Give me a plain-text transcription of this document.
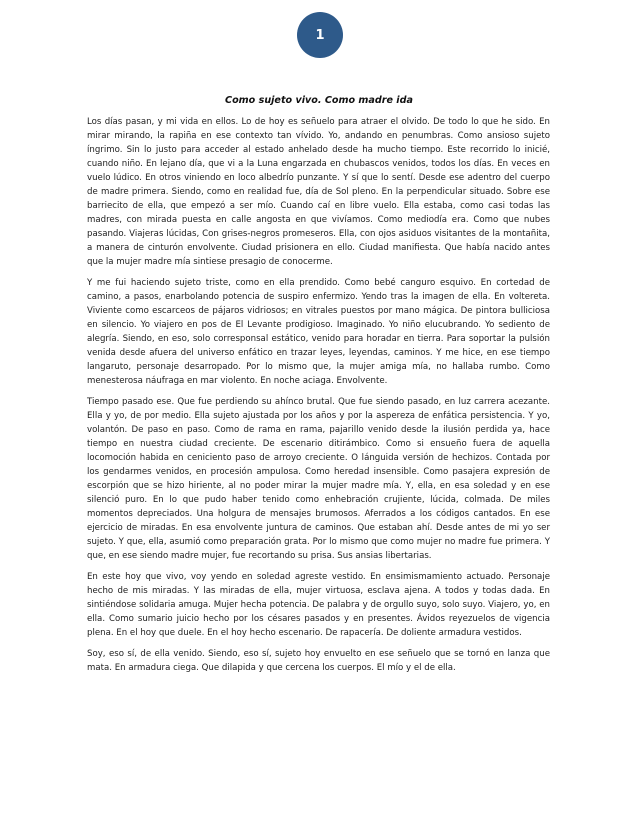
1
Como sujeto vivo. Como madre ida

Los días pasan, y mi vida en ellos. Lo de hoy es señuelo para atraer el olvido. De todo lo que he sido. En mirar mirando, la rapiña en ese contexto tan vívido. Yo, andando en penumbras. Como ansioso sujeto íngrimo. Sin lo justo para acceder al estado anhelado desde ha mucho tiempo. Este recorrido lo inicié, cuando niño. En lejano día, que vi a la Luna engarzada en chubascos venidos, todos los días. En veces en vuelo lúdico. En otros viniendo en loco albedrío punzante. Y sí que lo sentí. Desde ese adentro del cuerpo de madre primera. Siendo, como en realidad fue, día de Sol pleno. En la perpendicular situado. Sobre ese barriecito de ella, que empezó a ser mío. Cuando caí en libre vuelo. Ella estaba, como casi todas las madres, con mirada puesta en calle angosta en que vivíamos. Como mediodía era. Como que nubes pasando. Viajeras lúcidas, Con grises-negros promeseros. Ella, con ojos asiduos visitantes de la montañita, a manera de cinturón envolvente. Ciudad prisionera en ello. Ciudad manifiesta. Que había nacido antes que la mujer madre mía sintiese presagio de conocerme.

Y me fui haciendo sujeto triste, como en ella prendido. Como bebé canguro esquivo. En cortedad de camino, a pasos, enarbolando potencia de suspiro enfermizo. Yendo tras la imagen de ella. En voltereta. Viviente como escarceos de pájaros vidriosos; en vitrales puestos por mano mágica. De pintora bulliciosa en silencio. Yo viajero en pos de El Levante prodigioso. Imaginado. Yo niño elucubrando. Yo sediento de alegría. Siendo, en eso, solo corresponsal estático, venido para horadar en tierra. Para soportar la pulsión venida desde afuera del universo enfático en trazar leyes, leyendas, caminos. Y me hice, en ese tiempo langaruto, personaje desarropado. Por lo mismo que, la mujer amiga mía, no hallaba rumbo. Como menesterosa náufraga en mar violento. En noche aciaga. Envolvente.

Tiempo pasado ese. Que fue perdiendo su ahínco brutal. Que fue siendo pasado, en luz carrera acezante. Ella y yo, de por medio. Ella sujeto ajustada por los años y por la aspereza de enfática persistencia. Y yo, volantón. De paso en paso. Como de rama en rama, pajarillo venido desde la ilusión perdida ya, hace tiempo en nuestra ciudad creciente. De escenario ditirámbico. Como si ensueño fuera de aquella locomoción habida en ceniciento paso de arroyo creciente. O lánguida versión de hechizos. Contada por los gendarmes venidos, en procesión ampulosa. Como heredad insensible. Como pasajera expresión de escorpión que se hizo hiriente, al no poder mirar la mujer madre mía. Y, ella, en esa soledad y en ese silenció puro. En lo que pudo haber tenido como enhebración crujiente, lúcida, colmada. De miles momentos depreciados. Una holgura de mensajes brumosos. Aferrados a los códigos cantados. En ese ejercicio de miradas. En esa envolvente juntura de caminos. Que estaban ahí. Desde antes de mi yo ser sujeto. Y que, ella, asumió como preparación grata. Por lo mismo que como mujer no madre fue primera. Y que, en ese siendo madre mujer, fue recortando su prisa. Sus ansias libertarias.

En este hoy que vivo, voy yendo en soledad agreste vestido. En ensimismamiento actuado. Personaje hecho de mis miradas. Y las miradas de ella, mujer virtuosa, esclava ajena. A todos y todas dada. En sintiéndose solidaria amuga. Mujer hecha potencia. De palabra y de orgullo suyo, solo suyo. Viajero, yo, en ella. Como sumario juicio hecho por los césares pasados y en presentes. Ávidos reyezuelos de vigencia plena. En el hoy que duele. En el hoy hecho escenario. De rapacería. De doliente armadura vestidos.

Soy, eso sí, de ella venido. Siendo, eso sí, sujeto hoy envuelto en ese señuelo que se tornó en lanza que mata. En armadura ciega. Que dilapida y que cercena los cuerpos. El mío y el de ella.
